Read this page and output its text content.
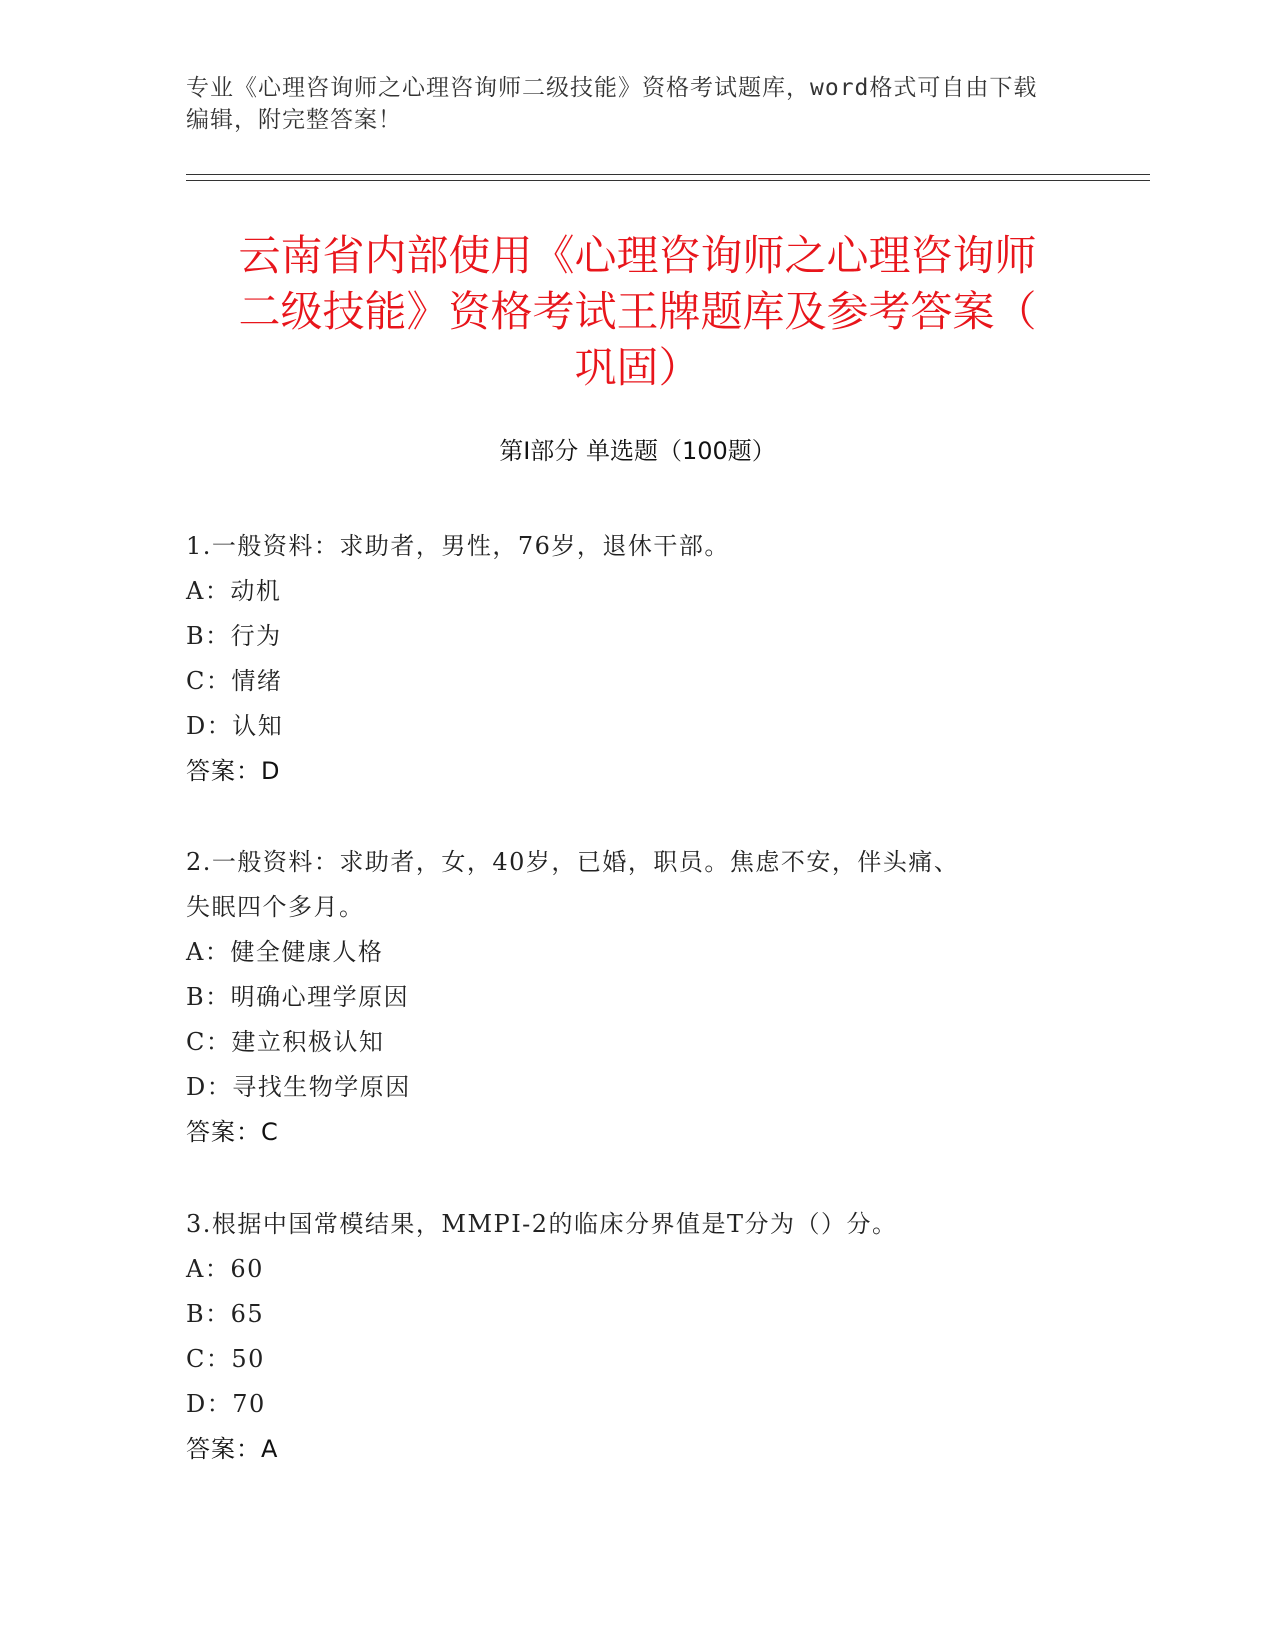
专业《心理咨询师之心理咨询师二级技能》资格考试题库，word格式可自由下载
编辑，附完整答案！
云南省内部使用《心理咨询师之心理咨询师
二级技能》资格考试王牌题库及参考答案（
巩固）
第Ⅰ部分 单选题（100题）
1.一般资料：求助者，男性，76岁，退休干部。
A：动机
B：行为
C：情绪
D：认知
答案：D
2.一般资料：求助者，女，40岁，已婚，职员。焦虑不安，伴头痛、
失眠四个多月。
A：健全健康人格
B：明确心理学原因
C：建立积极认知
D：寻找生物学原因
答案：C
3.根据中国常模结果，MMPI-2的临床分界值是T分为（）分。
A：60
B：65
C：50
D：70
答案：A
